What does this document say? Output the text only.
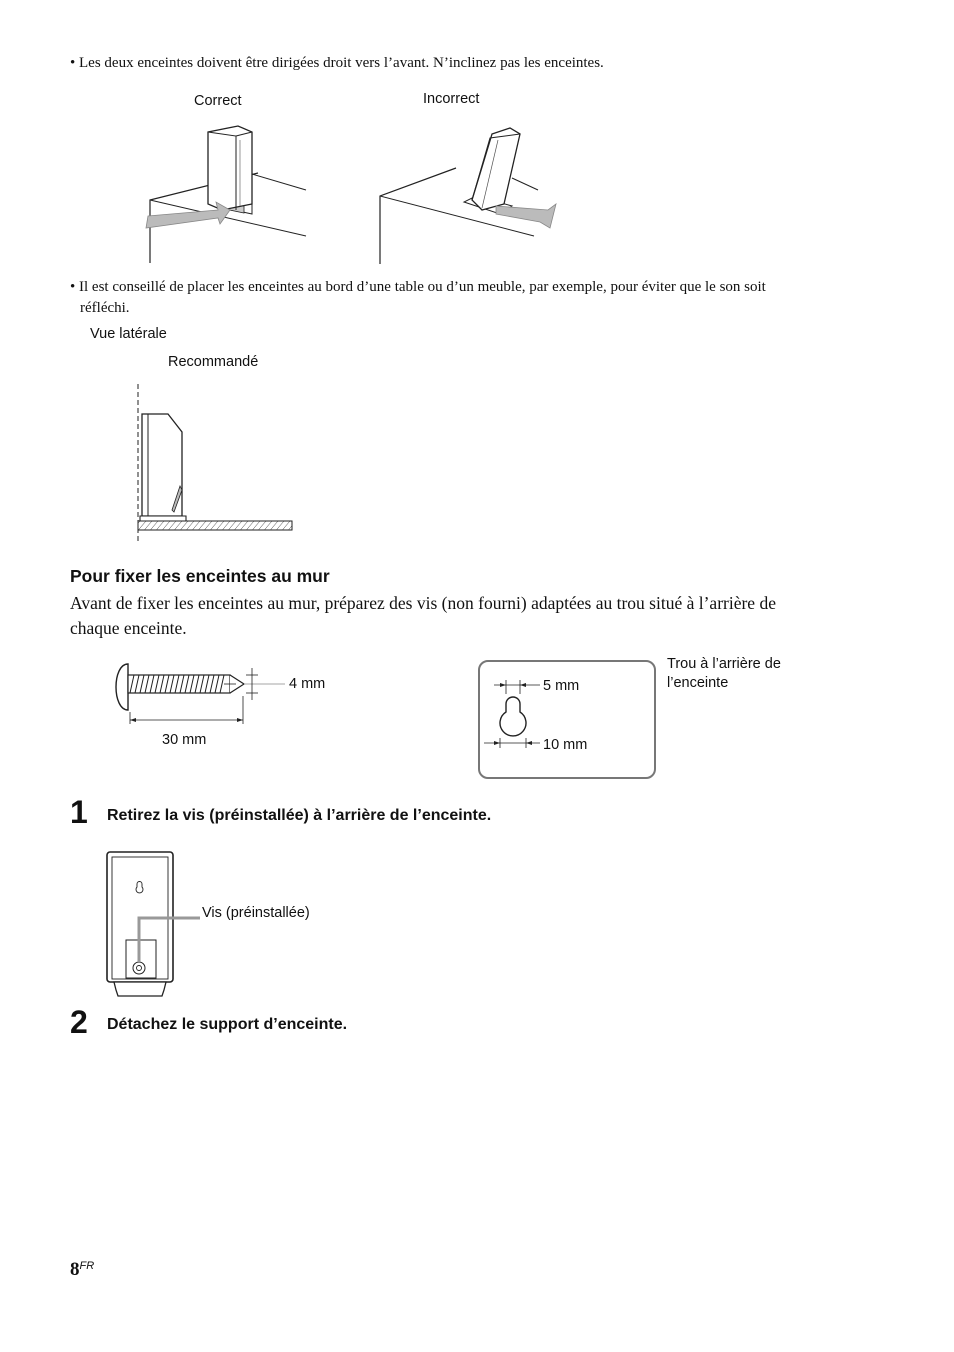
• Les deux enceintes doivent être dirigées droit vers l’avant. N’inclinez pas les enceintes.
Correct	Incorrect
• Il est conseillé de placer les enceintes au bord d’une table ou d’un meuble, par exemple, pour éviter que le son soit
réfléchi.
Vue latérale
Recommandé
Pour fixer les enceintes au mur
Avant de fixer les enceintes au mur, préparez des vis (non fourni) adaptées au trou situé à l’arrière de
chaque enceinte.
4 mm
30 mm
5 mm
10 mm
Trou à l’arrière de
l’enceinte
1 Retirez la vis (préinstallée) à l’arrière de l’enceinte.
Vis (préinstallée)
2 Détachez le support d’enceinte.
$8^{FR}$
